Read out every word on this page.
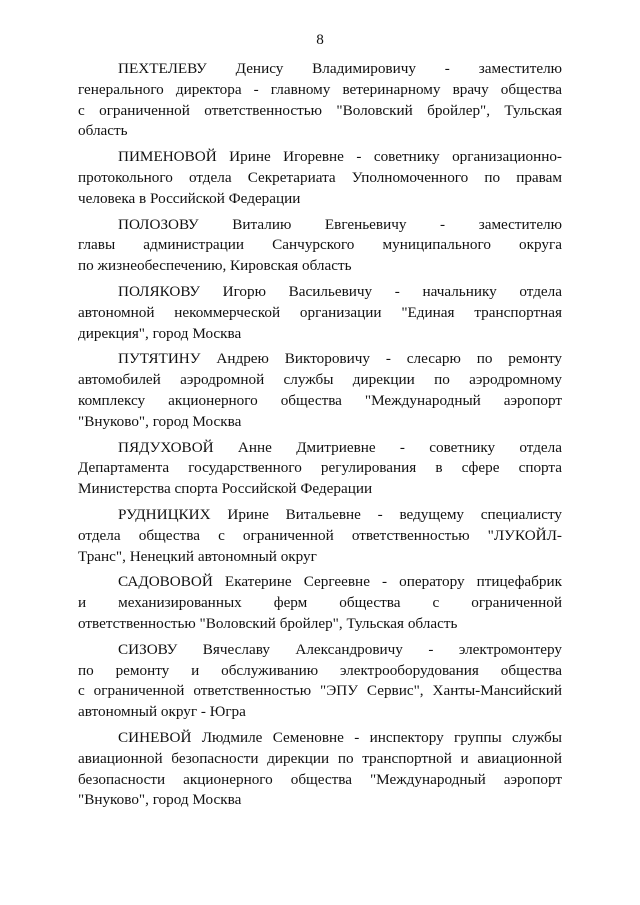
8
ПЕХТЕЛЕВУ Денису Владимировичу - заместителю
генерального директора - главному ветеринарному врачу общества
с ограниченной ответственностью "Воловский бройлер", Тульская
область
ПИМЕНОВОЙ Ирине Игоревне - советнику организационно-
протокольного отдела Секретариата Уполномоченного по правам
человека в Российской Федерации
ПОЛОЗОВУ Виталию Евгеньевичу - заместителю
главы администрации Санчурского муниципального округа
по жизнеобеспечению, Кировская область
ПОЛЯКОВУ Игорю Васильевичу - начальнику отдела
автономной некоммерческой организации "Единая транспортная
дирекция", город Москва
ПУТЯТИНУ Андрею Викторовичу - слесарю по ремонту
автомобилей аэродромной службы дирекции по аэродромному
комплексу акционерного общества "Международный аэропорт
"Внуково", город Москва
ПЯДУХОВОЙ Анне Дмитриевне - советнику отдела
Департамента государственного регулирования в сфере спорта
Министерства спорта Российской Федерации
РУДНИЦКИХ Ирине Витальевне - ведущему специалисту
отдела общества с ограниченной ответственностью "ЛУКОЙЛ-
Транс", Ненецкий автономный округ
САДОВОВОЙ Екатерине Сергеевне - оператору птицефабрик
и механизированных ферм общества с ограниченной
ответственностью "Воловский бройлер", Тульская область
СИЗОВУ Вячеславу Александровичу - электромонтеру
по ремонту и обслуживанию электрооборудования общества
с ограниченной ответственностью "ЭПУ Сервис", Ханты-Мансийский
автономный округ - Югра
СИНЕВОЙ Людмиле Семеновне - инспектору группы службы
авиационной безопасности дирекции по транспортной и авиационной
безопасности акционерного общества "Международный аэропорт
"Внуково", город Москва
